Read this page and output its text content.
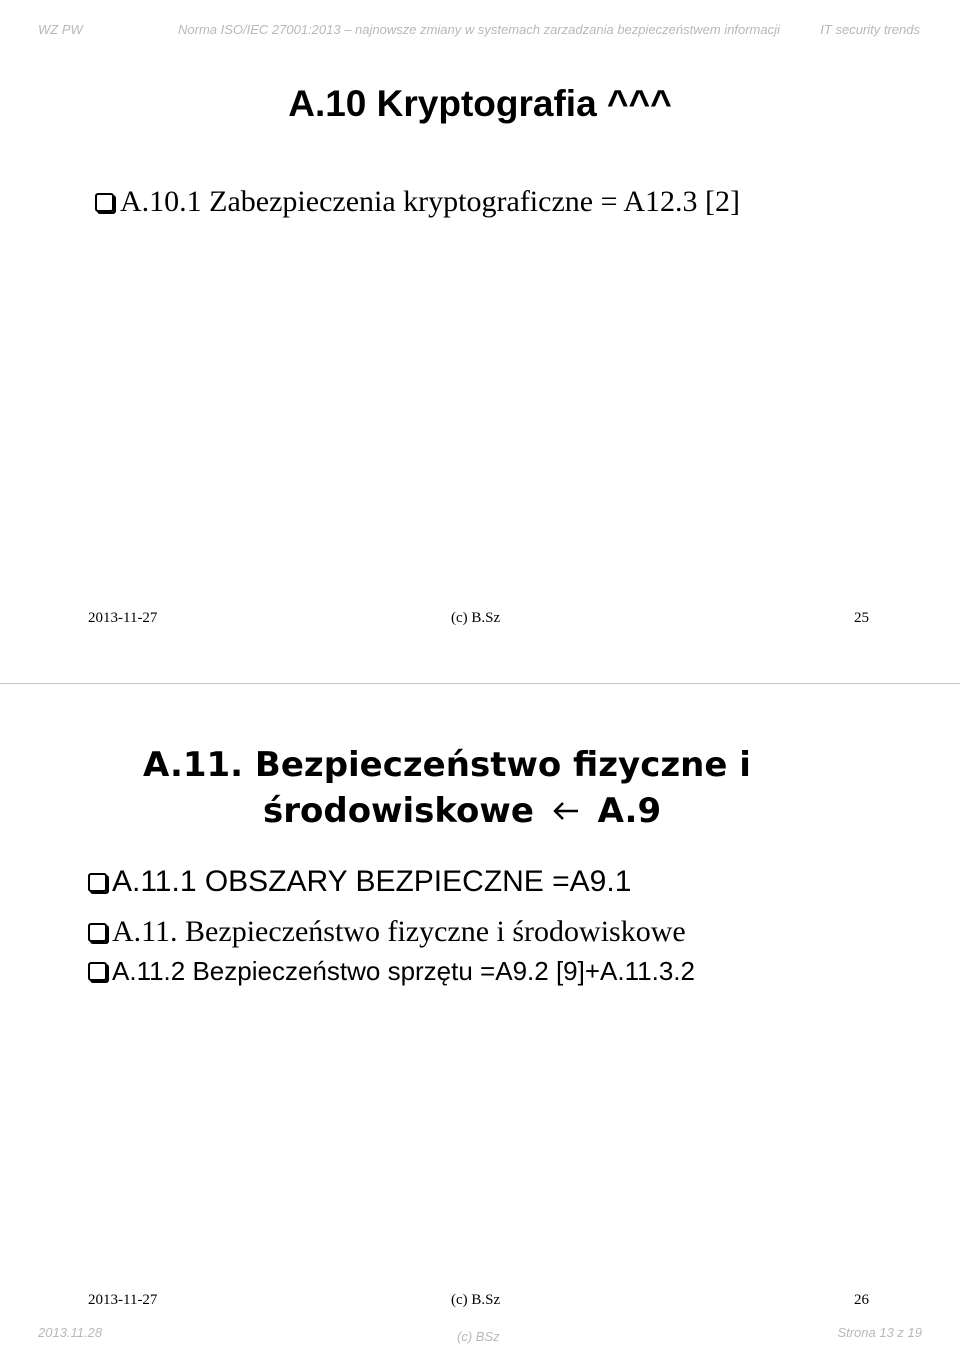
WZ PW	Norma ISO/IEC 27001:2013 – najnowsze zmiany w systemach zarzadzania bezpieczeństwem informacji	IT security trends
A.10 Kryptografia ^^^
A.10.1 Zabezpieczenia kryptograficzne = A12.3 [2]
2013-11-27	(c) B.Sz	25
A.11. Bezpieczeństwo fizyczne i
środowiskowe A.9
A.11.1 OBSZARY BEZPIECZNE =A9.1
A.11. Bezpieczeństwo fizyczne i środowiskowe
A.11.2 Bezpieczeństwo sprzętu =A9.2 [9]+A.11.3.2
2013-11-27	(c) B.Sz	26
2013.11.28	(c) BSz	Strona 13 z 19
